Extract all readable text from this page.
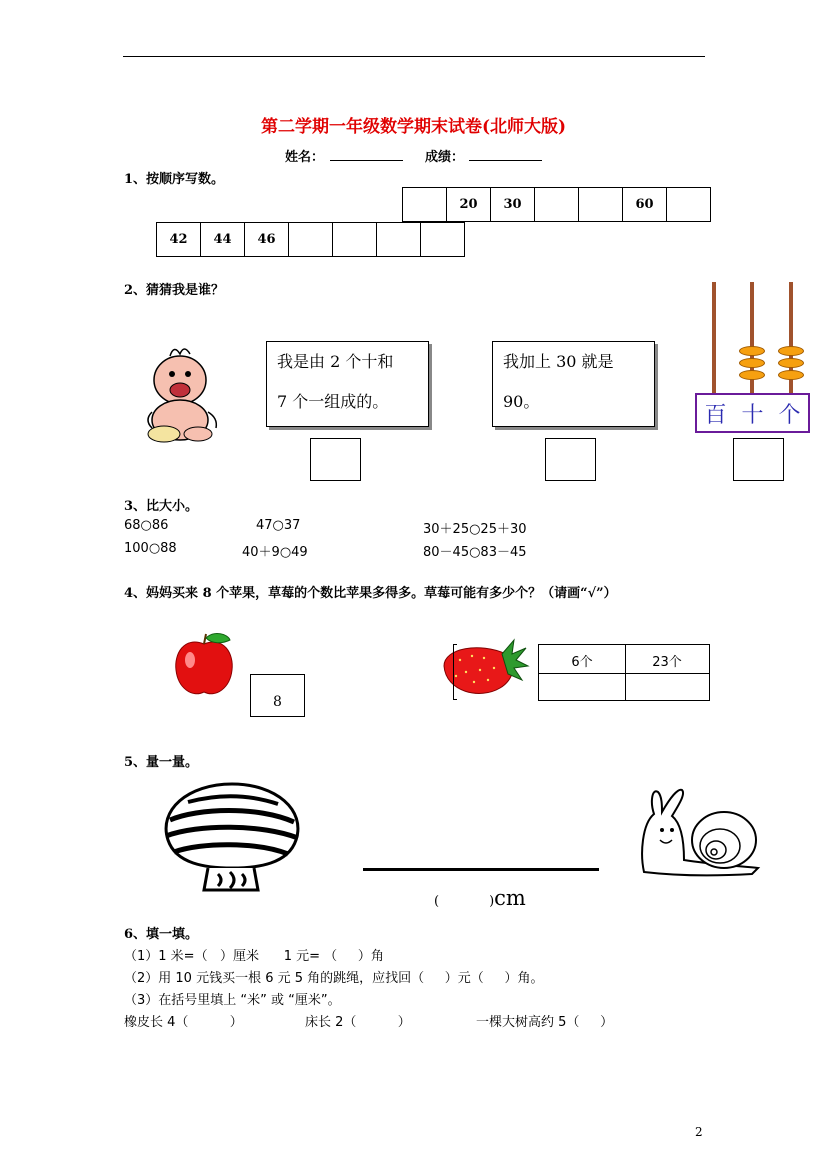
第二学期一年级数学期末试卷(北师大版)
姓名：	成绩：
1、按顺序写数。
20	30	60
42	44	46
2、猜猜我是谁？
我是由 2 个十和
7 个一组成的。
我加上 30 就是
90。
百 十 个
3、比大小。
68○86	47○37	30＋25○25＋30
100○88	40＋9○49	80－45○83－45
4、妈妈买来 8 个苹果，草莓的个数比苹果多得多。草莓可能有多少个？（请画“√”）
8
6个	23个
5、量一量。
(	) cm
6、填一填。
（1）1 米=（   ）厘米      1 元= （     ）角
（2）用 10 元钱买一根 6 元 5 角的跳绳，应找回（     ）元（     ）角。
（3）在括号里填上 “米” 或 “厘米”。
橡皮长 4（          ）	床长 2（          ）	一棵大树高约 5（     ）
2
